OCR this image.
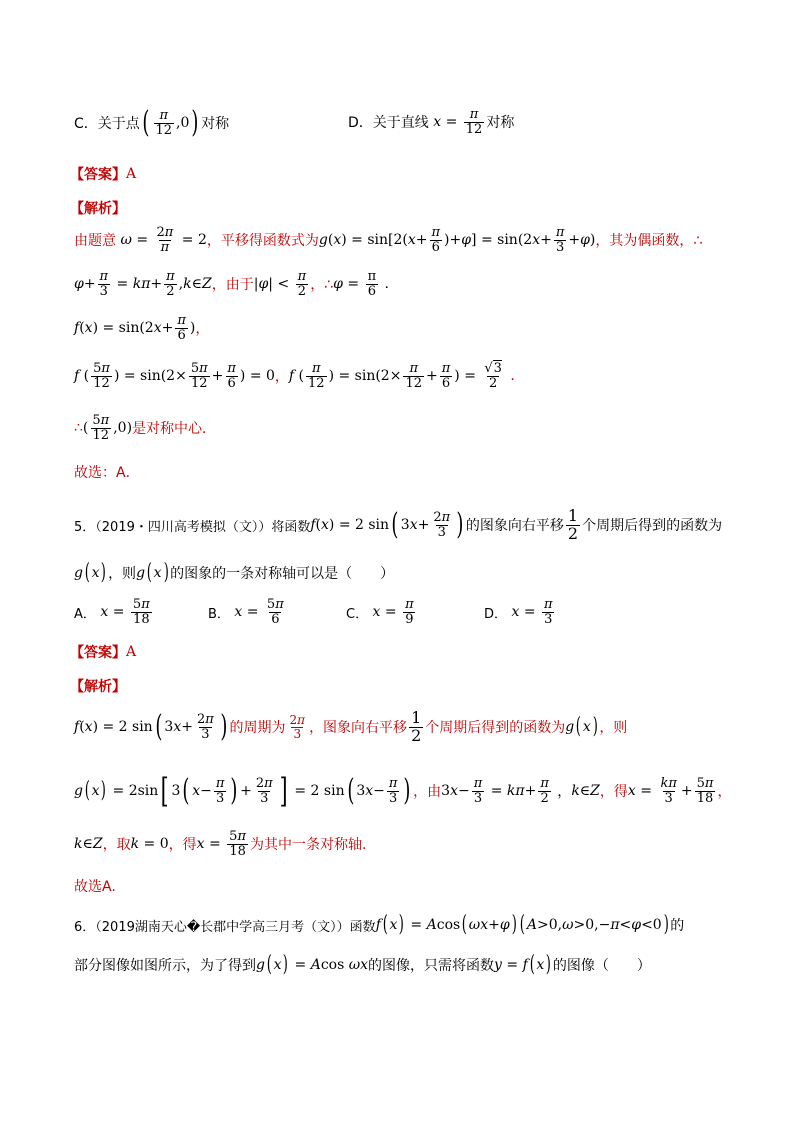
C．关于点 ( $\frac{\pi}{12} ,0$ ) 对称	D．关于直线 $x = \frac{\pi}{12}$ 对称
【答案】 A
【解析】
由题意 $\omega = \frac{2\pi}{\pi} = 2$ ，平移得函数式为 g ( x ) = sin[2( $x + \frac{\pi}{6}$ )+ φ ] = sin(2 $x + \frac{\pi}{3} + \varphi$ ) ，其为偶函数，∴
$\varphi + \frac{\pi}{3} = k\pi + \frac{\pi}{2}$ , k ∈ Z ，由于 | φ | < $\frac{\pi}{2}$ ，∴ $\varphi = \frac{\pi}{6}$ .
f ( x ) = sin(2 $x + \frac{\pi}{6}$ ) ，
f ( $\frac{5\pi}{12}$ ) = $\sin(2\times \frac{5\pi}{12} + \frac{\pi}{6}$ ) = 0 ， f ( $\frac{\pi}{12}$ ) = $\sin(2\times \frac{\pi}{12} + \frac{\pi}{6}$ ) = $\frac{√3}{2}$ .
∴ ( $\frac{5\pi}{12} ,0$) 是对称中心．
故选：A．
5．（2019・四川高考模拟（文））将函数 f ( x ) = 2 sin ( 3 $x + \frac{2\pi}{3}$ ) 的图象向右平移 $\frac{1}{2}$ 个周期后得到的函数为
g ( x ) ，则 g ( x ) 的图象的一条对称轴可以是（　　）
A．
$x = \frac{5\pi}{18}$	B．
$x = \frac{5\pi}{6}$	C．
$x = \frac{\pi}{9}$	D．
$x = \frac{\pi}{3}$
【答案】 A
【解析】
f ( x ) = 2 sin ( 3 $x + \frac{2\pi}{3}$ ) 的周期为 $\frac{2\pi}{3}$ ，图象向右平移 $\frac{1}{2}$ 个周期后得到的函数为 g ( x ) ，则
g ( x ) = 2sin [ 3 ( $x - \frac{\pi}{3}$ ) + $\frac{2\pi}{3}$ ] = 2 sin ( 3 $x - \frac{\pi}{3}$ ) ，由 3 $x - \frac{\pi}{3} = k\pi + \frac{\pi}{2}$ ， k ∈ Z ，得 $x = \frac{k\pi}{3} + \frac{5\pi}{18}$ ，
k∈Z ，取 k = 0 ，得 $x = \frac{5\pi}{18}$ 为其中一条对称轴.
故选A.
6．（2019湖南天心�长郡中学高三月考（文））函数 f ( x ) = A cos ( ωx + φ ) ( A >0, ω >0,− π < φ <0 ) 的
部分图像如图所示，为了得到 g ( x ) = A cos ωx 的图像，只需将函数 y = f ( x ) 的图像（　　）
